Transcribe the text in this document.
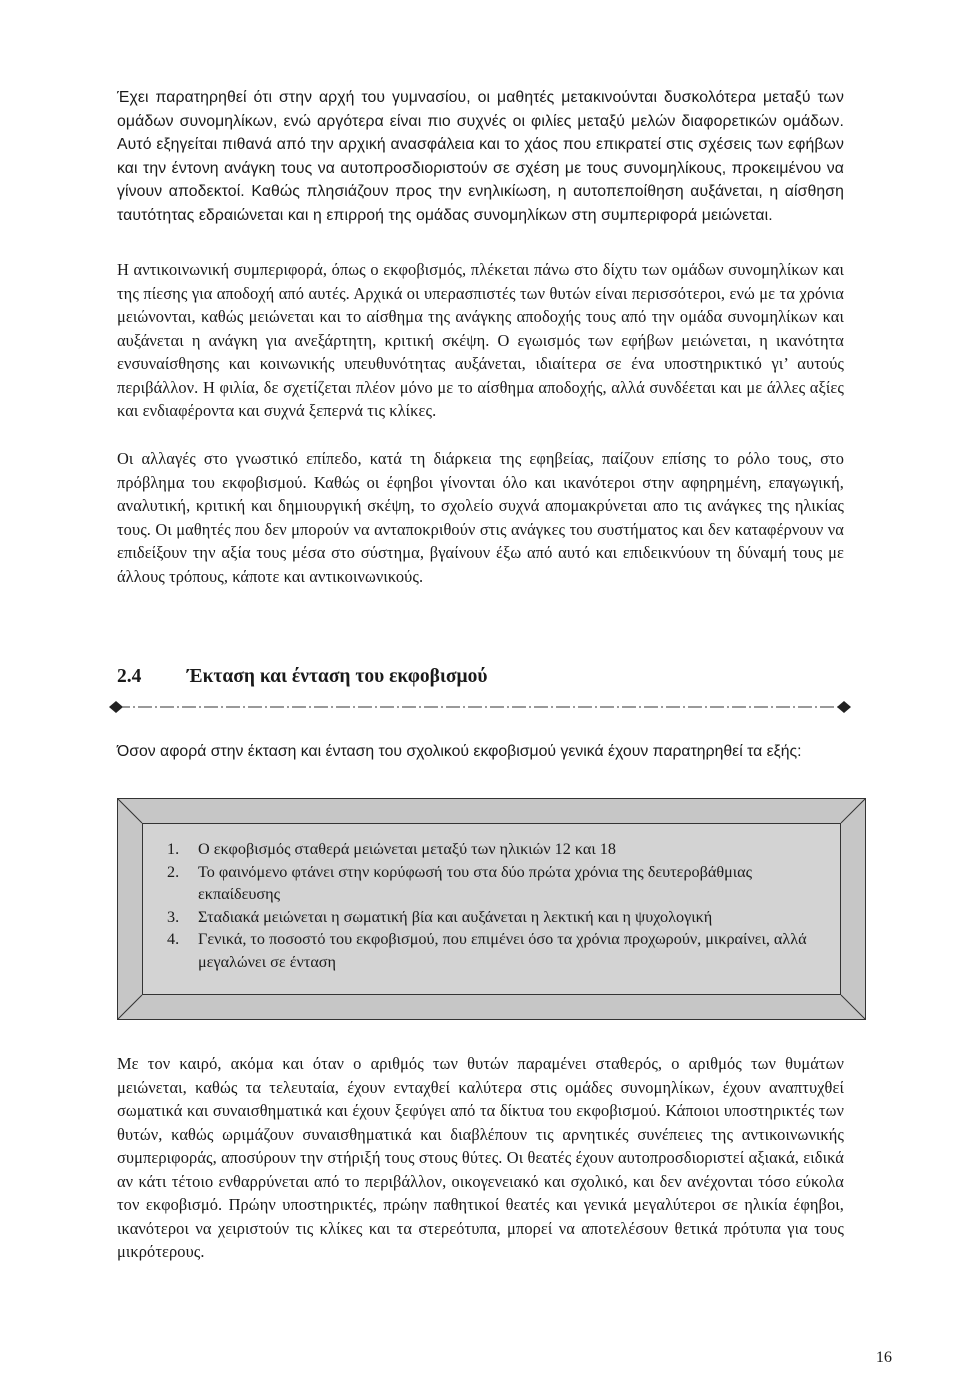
Έχει παρατηρηθεί ότι στην αρχή του γυμνασίου, οι μαθητές μετακινούνται δυσκολότερα μεταξύ των ομάδων συνομηλίκων, ενώ αργότερα είναι πιο συχνές οι φιλίες μεταξύ μελών διαφορετικών ομάδων. Αυτό εξηγείται πιθανά από την αρχική ανασφάλεια και το χάος που επικρατεί στις σχέσεις των εφήβων και την έντονη ανάγκη τους να αυτοπροσδιοριστούν σε σχέση με τους συνομηλίκους, προκειμένου να γίνουν αποδεκτοί. Καθώς πλησιάζουν προς την ενηλικίωση, η αυτοπεποίθηση αυξάνεται, η αίσθηση ταυτότητας εδραιώνεται και η επιρροή της ομάδας συνομηλίκων στη συμπεριφορά μειώνεται.

Η αντικοινωνική συμπεριφορά, όπως ο εκφοβισμός, πλέκεται πάνω στο δίχτυ των ομάδων συνομηλίκων και της πίεσης για αποδοχή από αυτές. Αρχικά οι υπερασπιστές των θυτών είναι περισσότεροι, ενώ με τα χρόνια μειώνονται, καθώς μειώνεται και το αίσθημα της ανάγκης αποδοχής τους από την ομάδα συνομηλίκων και αυξάνεται η ανάγκη για ανεξάρτητη, κριτική σκέψη. Ο εγωισμός των εφήβων μειώνεται, η ικανότητα ενσυναίσθησης και κοινωνικής υπευθυνότητας αυξάνεται, ιδιαίτερα σε ένα υποστηρικτικό γι’ αυτούς περιβάλλον. Η φιλία, δε σχετίζεται πλέον μόνο με το αίσθημα αποδοχής, αλλά συνδέεται και με άλλες αξίες και ενδιαφέροντα και συχνά ξεπερνά τις κλίκες.

Οι αλλαγές στο γνωστικό επίπεδο, κατά τη διάρκεια της εφηβείας, παίζουν επίσης το ρόλο τους, στο πρόβλημα του εκφοβισμού. Καθώς οι έφηβοι γίνονται όλο και ικανότεροι στην αφηρημένη, επαγωγική, αναλυτική, κριτική και δημιουργική σκέψη, το σχολείο συχνά απομακρύνεται απο τις ανάγκες της ηλικίας τους. Οι μαθητές που δεν μπορούν να ανταποκριθούν στις ανάγκες του συστήματος και δεν καταφέρνουν να επιδείξουν την αξία τους μέσα στο σύστημα, βγαίνουν έξω από αυτό και επιδεικνύουν τη δύναμή τους με άλλους τρόπους, κάποτε και αντικοινωνικούς.

2.4 Έκταση και ένταση του εκφοβισμού

Όσον αφορά στην έκταση και ένταση του σχολικού εκφοβισμού γενικά έχουν παρατηρηθεί τα εξής:

1. Ο εκφοβισμός σταθερά μειώνεται μεταξύ των ηλικιών 12 και 18
2. Το φαινόμενο φτάνει στην κορύφωσή του στα δύο πρώτα χρόνια της δευτεροβάθμιας εκπαίδευσης
3. Σταδιακά μειώνεται η σωματική βία και αυξάνεται η λεκτική και η ψυχολογική
4. Γενικά, το ποσοστό του εκφοβισμού, που επιμένει όσο τα χρόνια προχωρούν, μικραίνει, αλλά μεγαλώνει σε ένταση

Με τον καιρό, ακόμα και όταν ο αριθμός των θυτών παραμένει σταθερός, ο αριθμός των θυμάτων μειώνεται, καθώς τα τελευταία, έχουν ενταχθεί καλύτερα στις ομάδες συνομηλίκων, έχουν αναπτυχθεί σωματικά και συναισθηματικά και έχουν ξεφύγει από τα δίκτυα του εκφοβισμού. Κάποιοι υποστηρικτές των θυτών, καθώς ωριμάζουν συναισθηματικά και διαβλέπουν τις αρνητικές συνέπειες της αντικοινωνικής συμπεριφοράς, αποσύρουν την στήριξή τους στους θύτες. Οι θεατές έχουν αυτοπροσδιοριστεί αξιακά, ειδικά αν κάτι τέτοιο ενθαρρύνεται από το περιβάλλον, οικογενειακό και σχολικό, και δεν ανέχονται τόσο εύκολα τον εκφοβισμό. Πρώην υποστηρικτές, πρώην παθητικοί θεατές και γενικά μεγαλύτεροι σε ηλικία έφηβοι, ικανότεροι να χειριστούν τις κλίκες και τα στερεότυπα, μπορεί να αποτελέσουν θετικά πρότυπα για τους μικρότερους.

16
